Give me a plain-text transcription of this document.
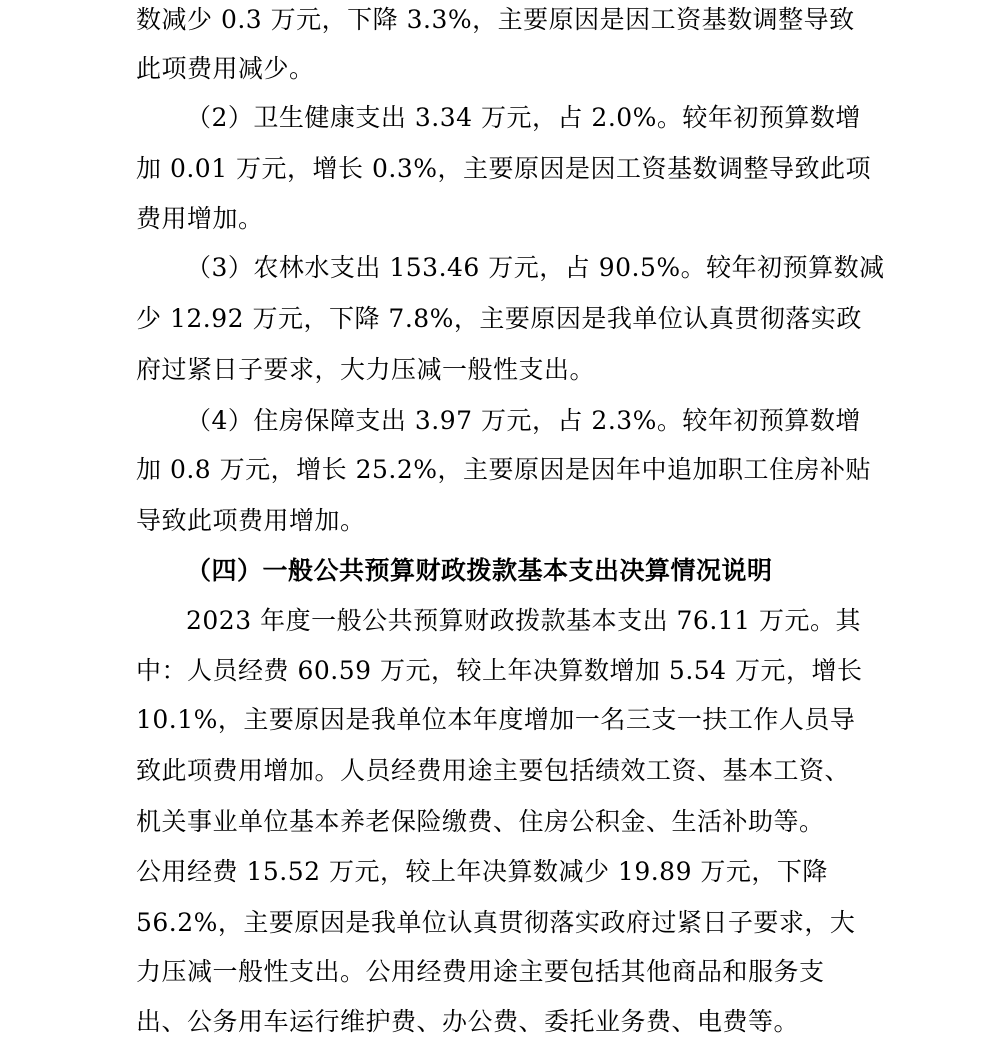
数减少 0.3 万元，下降 3.3%，主要原因是因工资基数调整导致
此项费用减少。
（2）卫生健康支出 3.34 万元，占 2.0%。较年初预算数增
加 0.01 万元，增长 0.3%，主要原因是因工资基数调整导致此项
费用增加。
（3）农林水支出 153.46 万元，占 90.5%。较年初预算数减
少 12.92 万元，下降 7.8%，主要原因是我单位认真贯彻落实政
府过紧日子要求，大力压减一般性支出。
（4）住房保障支出 3.97 万元，占 2.3%。较年初预算数增
加 0.8 万元，增长 25.2%，主要原因是因年中追加职工住房补贴
导致此项费用增加。
（四）一般公共预算财政拨款基本支出决算情况说明
2023 年度一般公共预算财政拨款基本支出 76.11 万元。其
中：人员经费 60.59 万元，较上年决算数增加 5.54 万元，增长
10.1%，主要原因是我单位本年度增加一名三支一扶工作人员导
致此项费用增加。人员经费用途主要包括绩效工资、基本工资、
机关事业单位基本养老保险缴费、住房公积金、生活补助等。
公用经费 15.52 万元，较上年决算数减少 19.89 万元，下降
56.2%，主要原因是我单位认真贯彻落实政府过紧日子要求，大
力压减一般性支出。公用经费用途主要包括其他商品和服务支
出、公务用车运行维护费、办公费、委托业务费、电费等。
